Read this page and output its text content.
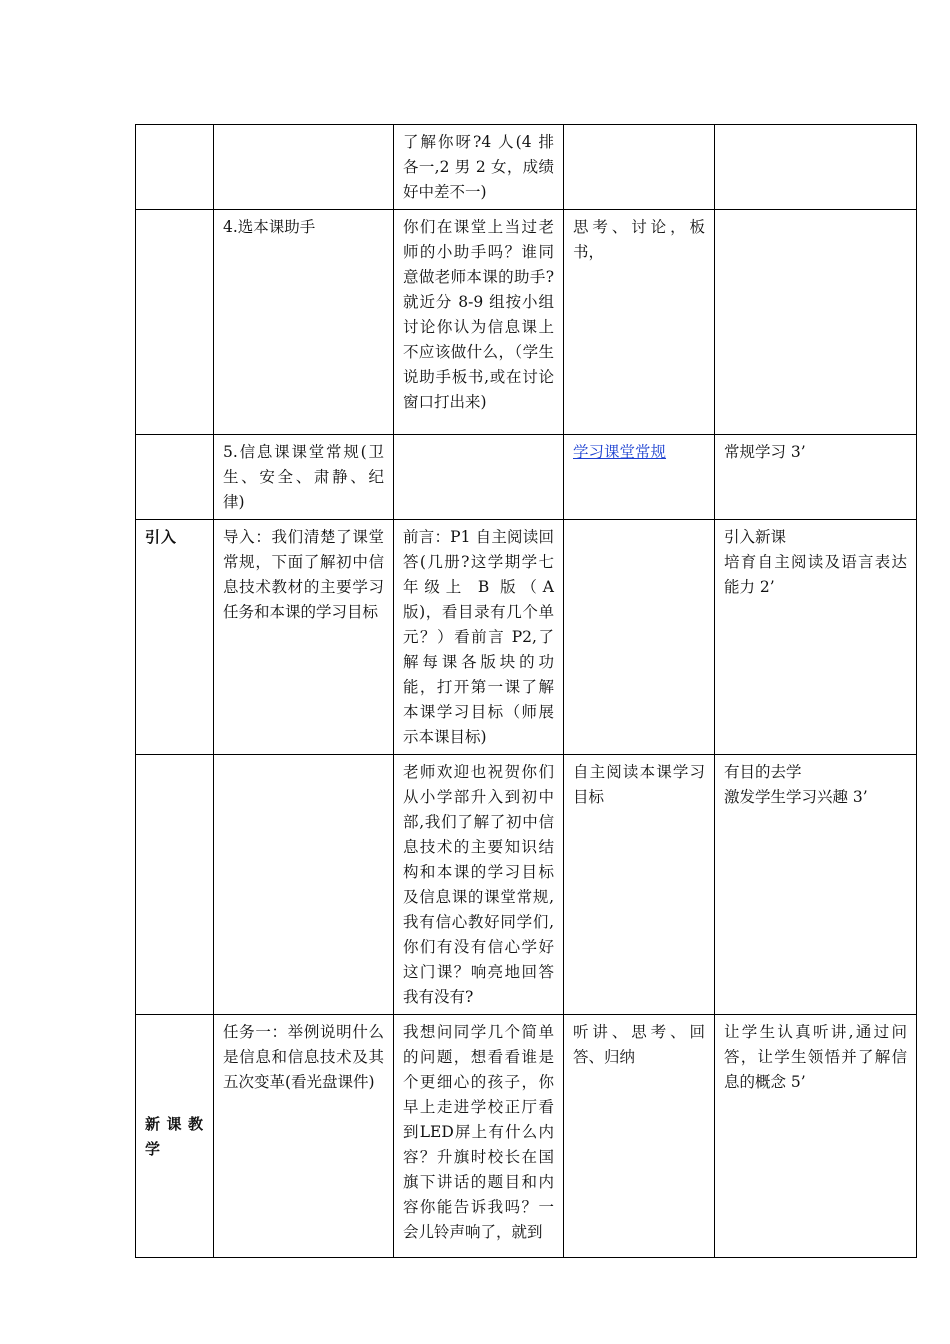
		了解你呀?4 人(4 排各一,2 男 2 女，成绩好中差不一)		
	4.选本课助手	你们在课堂上当过老师的小助手吗？谁同意做老师本课的助手?就近分 8-9 组按小组讨论你认为信息课上不应该做什么，（学生说助手板书,或在讨论窗口打出来)	思考、讨论，板书，	
	5.信息课课堂常规(卫生、安全、肃静、纪律)		学习课堂常规	常规学习 3’

引入	导入：我们清楚了课堂常规，下面了解初中信息技术教材的主要学习任务和本课的学习目标	前言：P1 自主阅读回答(几册?这学期学七年级上 B 版（A 版)，看目录有几个单元？）看前言 P2,了解每课各版块的功能，打开第一课了解本课学习目标（师展示本课目标)		引入新课
培育自主阅读及语言表达能力 2’

		老师欢迎也祝贺你们从小学部升入到初中部,我们了解了初中信息技术的主要知识结构和本课的学习目标及信息课的课堂常规,我有信心教好同学们,你们有没有信心学好这门课？响亮地回答我有没有?	自主阅读本课学习目标	有目的去学
激发学生学习兴趣 3’

新课教学	任务一：举例说明什么是信息和信息技术及其五次变革(看光盘课件)	我想问同学几个简单的问题，想看看谁是个更细心的孩子，你早上走进学校正厅看到LED屏上有什么内容？升旗时校长在国旗下讲话的题目和内容你能告诉我吗？一会儿铃声响了，就到	听讲、思考、回答、归纳	让学生认真听讲,通过问答，让学生领悟并了解信息的概念 5’
